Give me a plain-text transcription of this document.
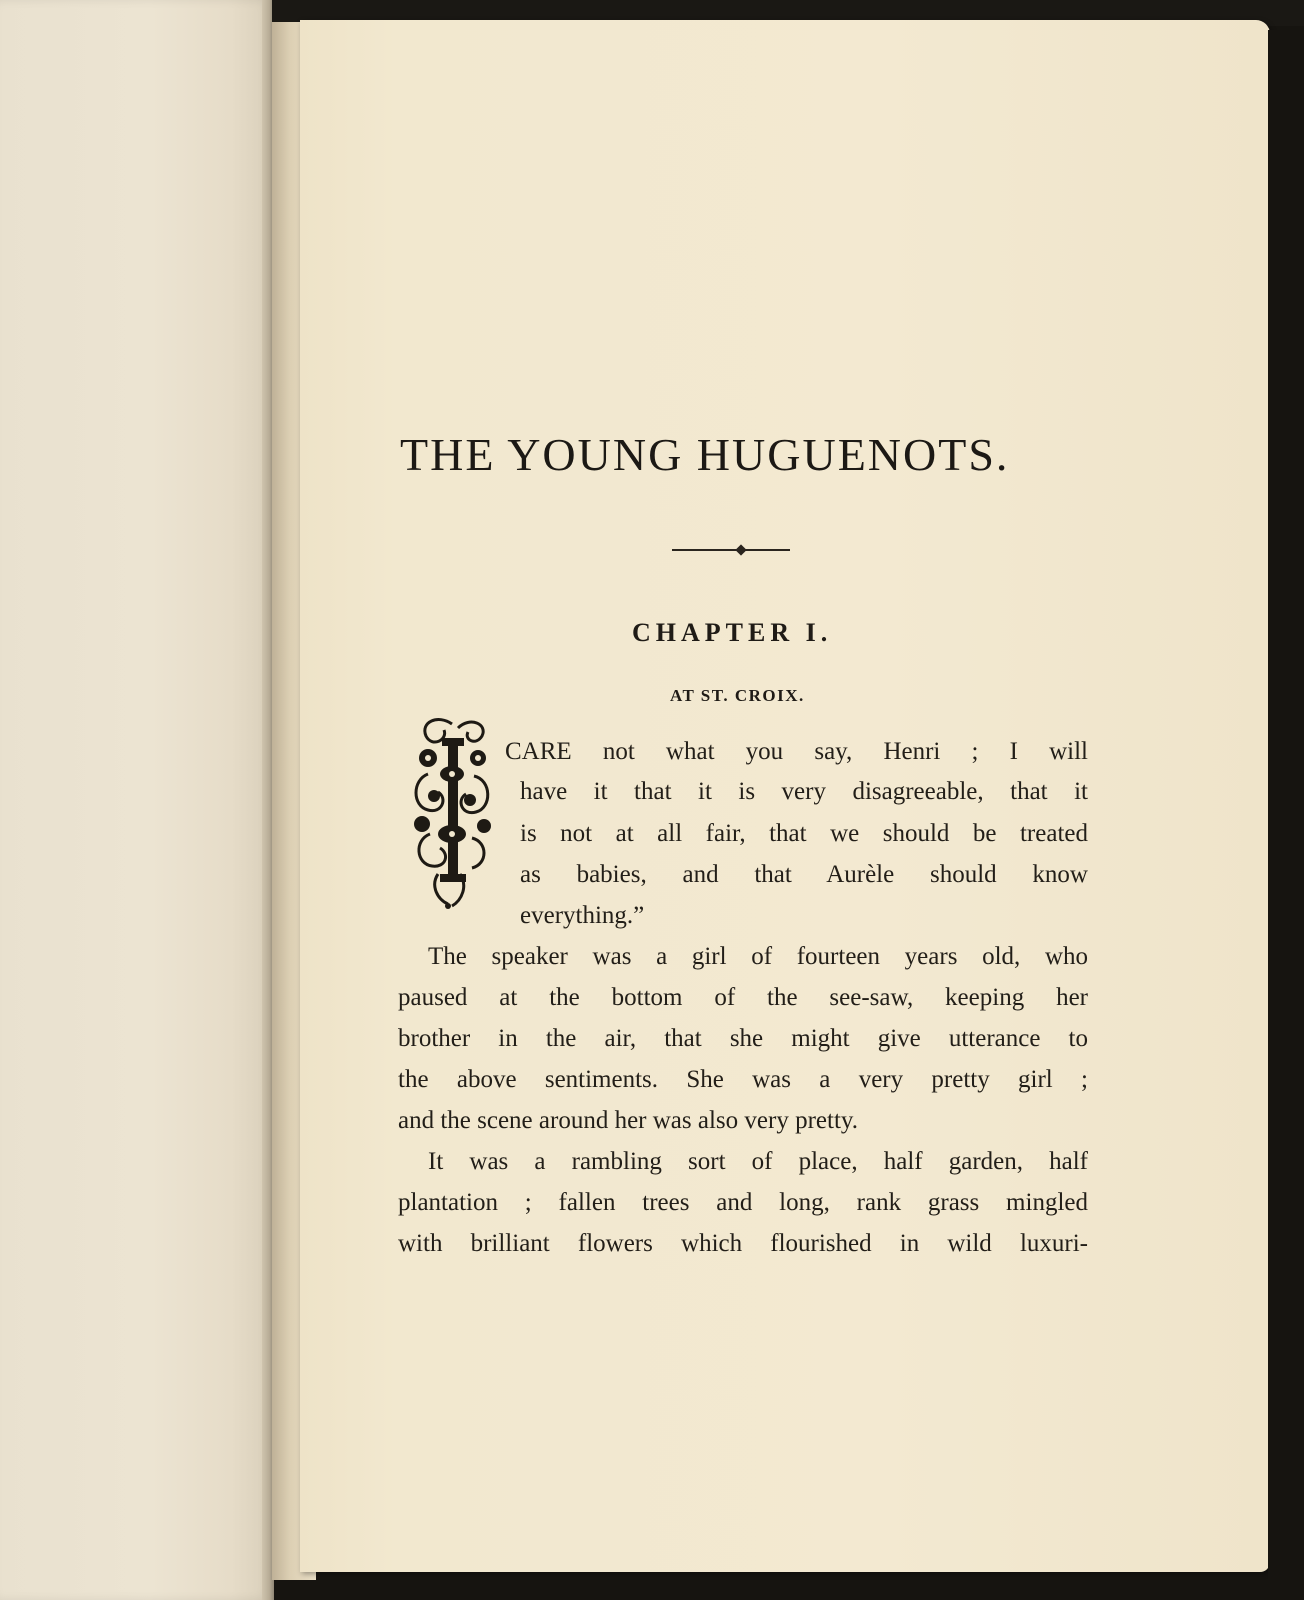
THE YOUNG HUGUENOTS.
CHAPTER I.
AT ST. CROIX.
CARE not what you say, Henri ; I will
have it that it is very disagreeable, that it
is not at all fair, that we should be treated
as babies, and that Aurèle should know
everything.”
The speaker was a girl of fourteen years old, who
paused at the bottom of the see-saw, keeping her
brother in the air, that she might give utterance to
the above sentiments. She was a very pretty girl ;
and the scene around her was also very pretty.
It was a rambling sort of place, half garden, half
plantation ; fallen trees and long, rank grass mingled
with brilliant flowers which flourished in wild luxuri-
